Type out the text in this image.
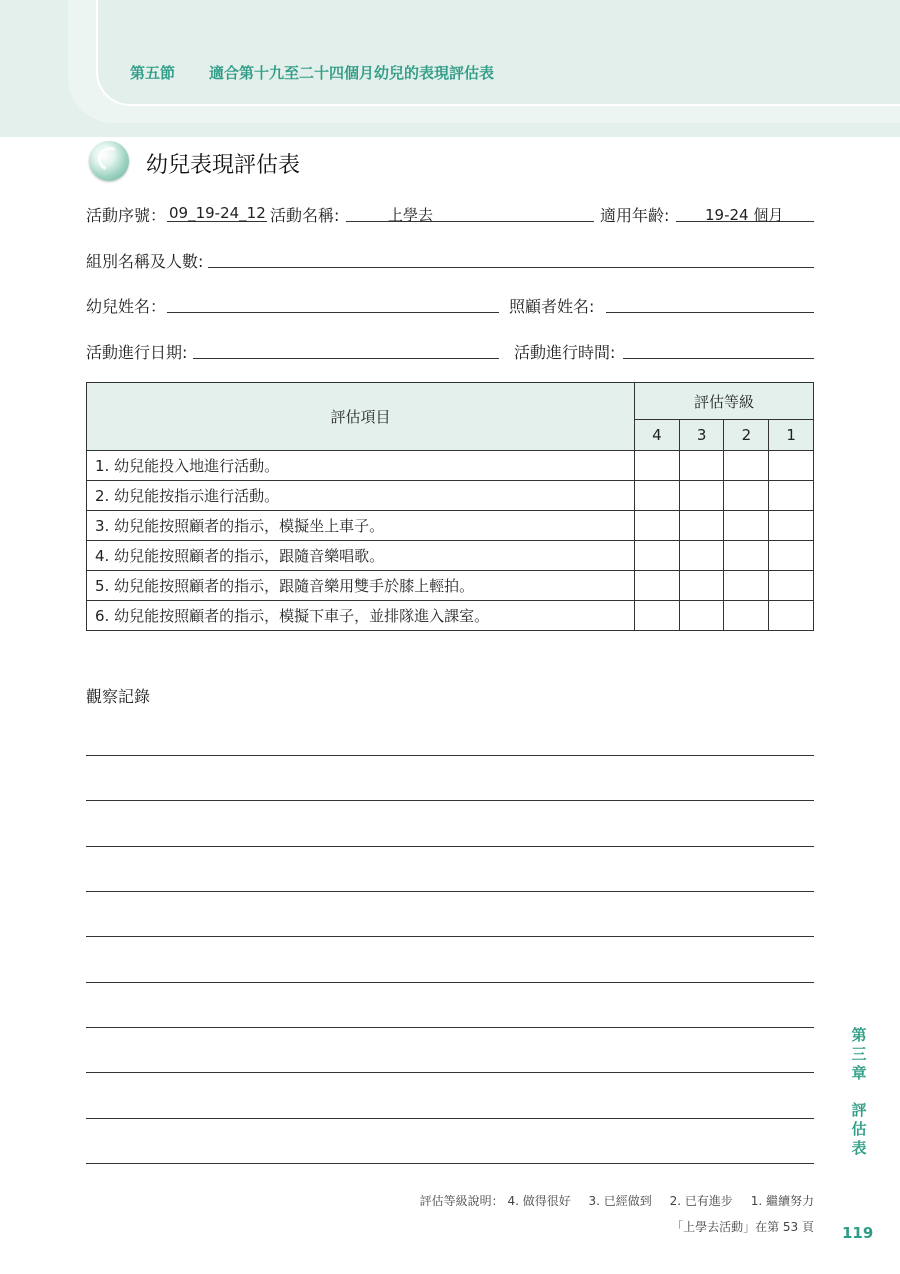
第五節 適合第十九至二十四個月幼兒的表現評估表
幼兒表現評估表
活動序號： 09_19-24_12 活動名稱:	上學去	適用年齡: 19-24 個月
組別名稱及人數:
幼兒姓名：	照顧者姓名:
活動進行日期:	活動進行時間:
評估項目	評估等級			
	4	3	2	1
1. 幼兒能投入地進行活動。				
2. 幼兒能按指示進行活動。				
3. 幼兒能按照顧者的指示，模擬坐上車子。				
4. 幼兒能按照顧者的指示，跟隨音樂唱歌。				
5. 幼兒能按照顧者的指示，跟隨音樂用雙手於膝上輕拍。				
6. 幼兒能按照顧者的指示，模擬下車子，並排隊進入課室。				
觀察記錄
第
三
章
評
估
表
評估等級說明： 4. 做得很好 3. 已經做到 2. 已有進步 1. 繼續努力
「上學去活動」在第 53 頁 119
